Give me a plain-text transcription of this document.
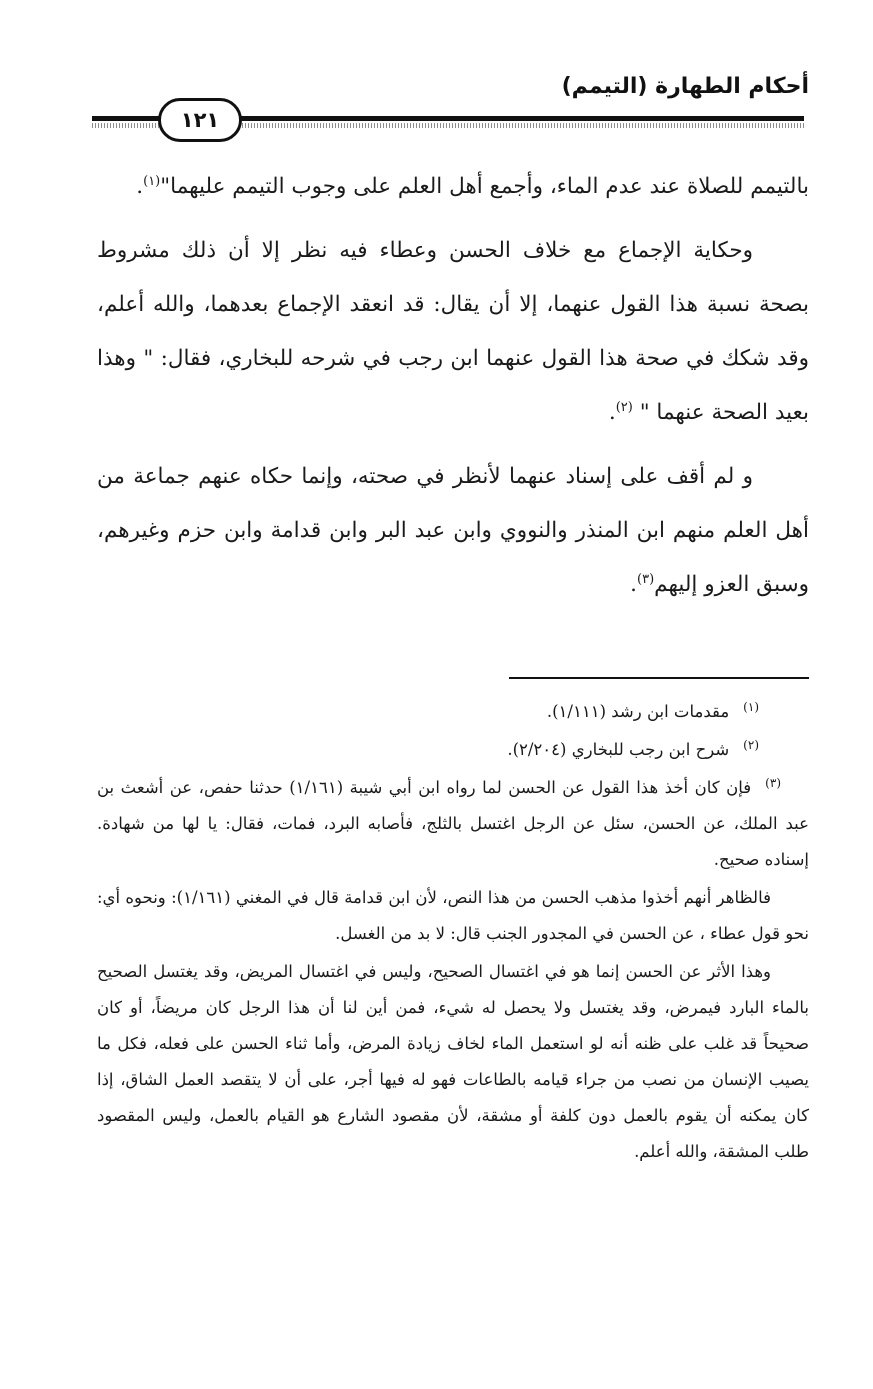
أحكام الطهارة (التيمم)
١٢١

بالتيمم للصلاة عند عدم الماء، وأجمع أهل العلم على وجوب التيمم عليهما"$^{(١)}$.

وحكاية الإجماع مع خلاف الحسن وعطاء فيه نظر إلا أن ذلك مشروط بصحة نسبة هذا القول عنهما، إلا أن يقال: قد انعقد الإجماع بعدهما، والله أعلم، وقد شكك في صحة هذا القول عنهما ابن رجب في شرحه للبخاري، فقال: " وهذا بعيد الصحة عنهما " $^{(٢)}$.

و لم أقف على إسناد عنهما لأنظر في صحته، وإنما حكاه عنهم جماعة من أهل العلم منهم ابن المنذر والنووي وابن عبد البر وابن قدامة وابن حزم وغيرهم، وسبق العزو إليهم$^{(٣)}$.

(١)مقدمات ابن رشد (١/١١١).

(٢)شرح ابن رجب للبخاري (٢/٢٠٤).

(٣)فإن كان أخذ هذا القول عن الحسن لما رواه ابن أبي شيبة (١/١٦١) حدثنا حفص، عن أشعث بن عبد الملك، عن الحسن، سئل عن الرجل اغتسل بالثلج، فأصابه البرد، فمات، فقال: يا لها من شهادة. إسناده صحيح.

فالظاهر أنهم أخذوا مذهب الحسن من هذا النص، لأن ابن قدامة قال في المغني (١/١٦١): ونحوه أي: نحو قول عطاء ، عن الحسن في المجدور الجنب قال: لا بد من الغسل.

وهذا الأثر عن الحسن إنما هو في اغتسال الصحيح، وليس في اغتسال المريض، وقد يغتسل الصحيح بالماء البارد فيمرض، وقد يغتسل ولا يحصل له شيء، فمن أين لنا أن هذا الرجل كان مريضاً، أو كان صحيحاً قد غلب على ظنه أنه لو استعمل الماء لخاف زيادة المرض، وأما ثناء الحسن على فعله، فكل ما يصيب الإنسان من نصب من جراء قيامه بالطاعات فهو له فيها أجر، على أن لا يتقصد العمل الشاق، إذا كان يمكنه أن يقوم بالعمل دون كلفة أو مشقة، لأن مقصود الشارع هو القيام بالعمل، وليس المقصود طلب المشقة، والله أعلم.
